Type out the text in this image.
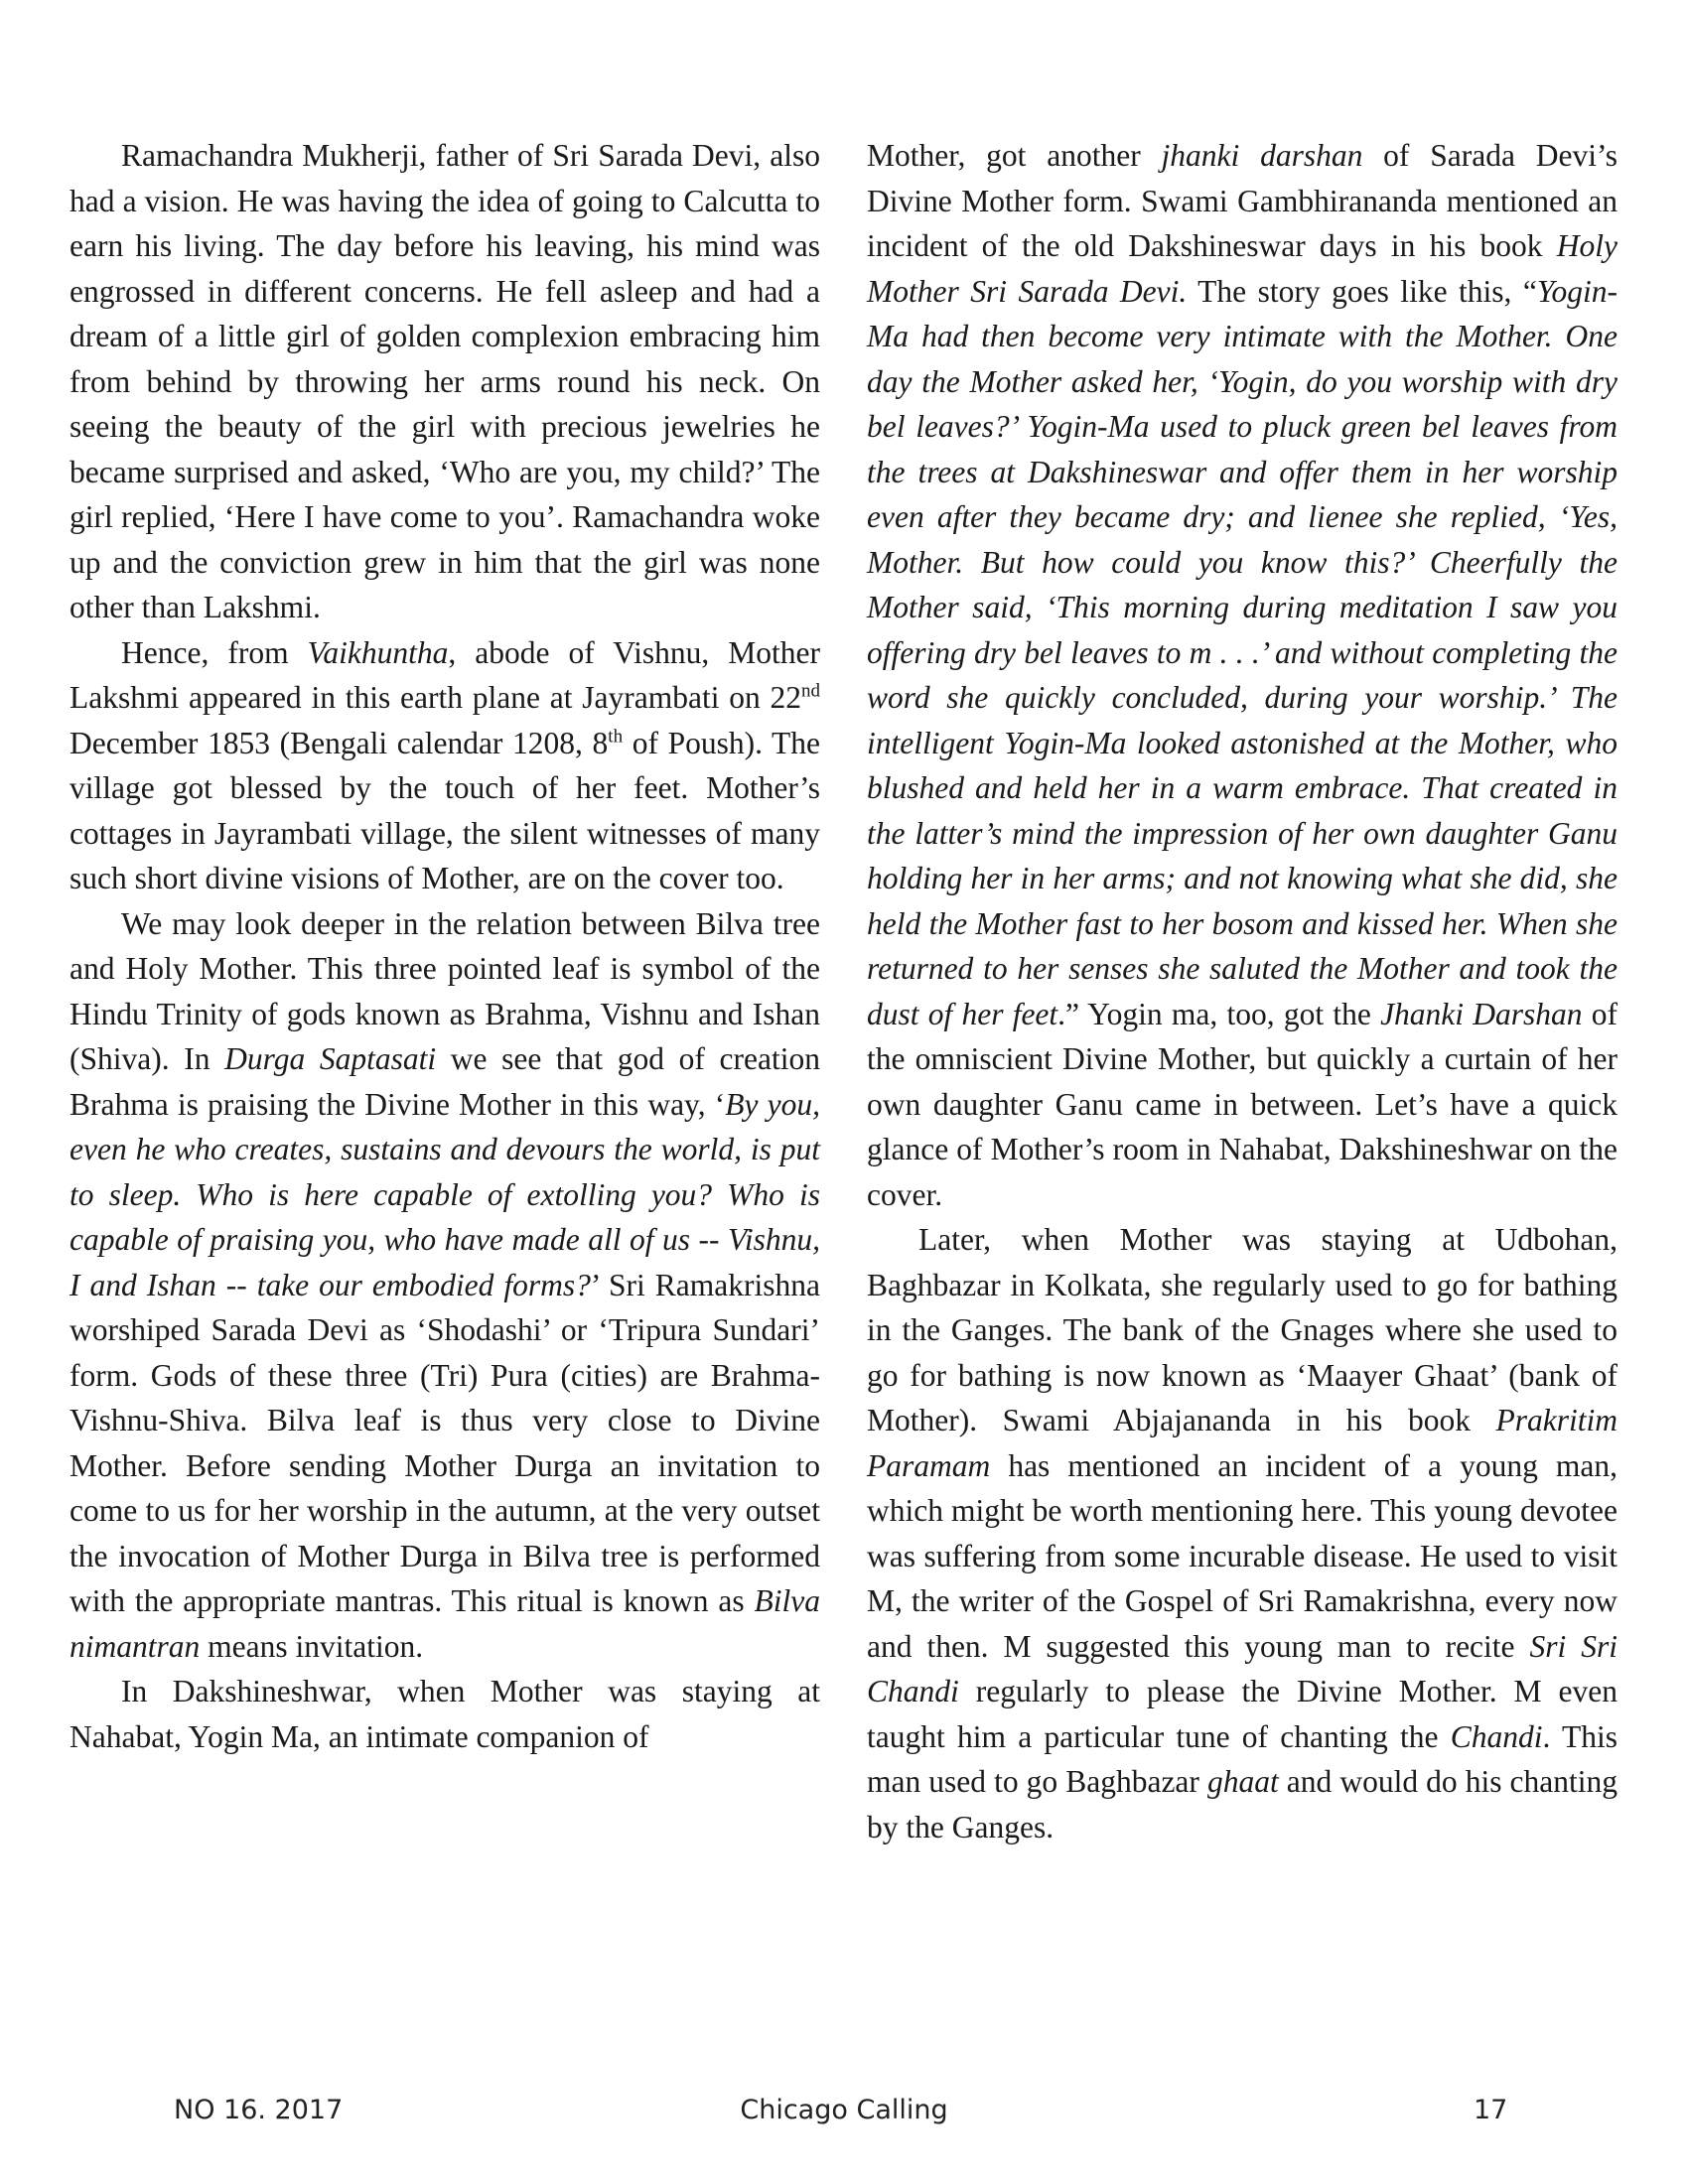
Ramachandra Mukherji, father of Sri Sarada Devi, also had a vision. He was having the idea of going to Calcutta to earn his living. The day before his leaving, his mind was engrossed in different concerns. He fell asleep and had a dream of a little girl of golden complexion embracing him from behind by throwing her arms round his neck. On seeing the beauty of the girl with precious jewelries he became surprised and asked, ‘Who are you, my child?’ The girl replied, ‘Here I have come to you’. Ramachandra woke up and the conviction grew in him that the girl was none other than Lakshmi.

Hence, from Vaikhuntha, abode of Vishnu, Mother Lakshmi appeared in this earth plane at Jayrambati on 22nd December 1853 (Bengali calendar 1208, 8th of Poush). The village got blessed by the touch of her feet. Mother’s cottages in Jayrambati village, the silent witnesses of many such short divine visions of Mother, are on the cover too.

We may look deeper in the relation between Bilva tree and Holy Mother. This three pointed leaf is symbol of the Hindu Trinity of gods known as Brahma, Vishnu and Ishan (Shiva). In Durga Saptasati we see that god of creation Brahma is praising the Divine Mother in this way, ‘By you, even he who creates, sustains and devours the world, is put to sleep. Who is here capable of extolling you? Who is capable of praising you, who have made all of us -- Vishnu, I and Ishan -- take our embodied forms?’ Sri Ramakrishna worshiped Sarada Devi as ‘Shodashi’ or ‘Tripura Sundari’ form. Gods of these three (Tri) Pura (cities) are Brahma-Vishnu-Shiva. Bilva leaf is thus very close to Divine Mother. Before sending Mother Durga an invitation to come to us for her worship in the autumn, at the very outset the invocation of Mother Durga in Bilva tree is performed with the appropriate mantras. This ritual is known as Bilva nimantran means invitation.

In Dakshineshwar, when Mother was staying at Nahabat, Yogin Ma, an intimate companion of

Mother, got another jhanki darshan of Sarada Devi’s Divine Mother form. Swami Gambhirananda mentioned an incident of the old Dakshineswar days in his book Holy Mother Sri Sarada Devi. The story goes like this, “Yogin-Ma had then become very intimate with the Mother. One day the Mother asked her, ‘Yogin, do you worship with dry bel leaves?’ Yogin-Ma used to pluck green bel leaves from the trees at Dakshineswar and offer them in her worship even after they became dry; and lienee she replied, ‘Yes, Mother. But how could you know this?’ Cheerfully the Mother said, ‘This morning during meditation I saw you offering dry bel leaves to m . . .’ and without completing the word she quickly concluded, during your worship.’ The intelligent Yogin-Ma looked astonished at the Mother, who blushed and held her in a warm embrace. That created in the latter’s mind the impression of her own daughter Ganu holding her in her arms; and not knowing what she did, she held the Mother fast to her bosom and kissed her. When she returned to her senses she saluted the Mother and took the dust of her feet.” Yogin ma, too, got the Jhanki Darshan of the omniscient Divine Mother, but quickly a curtain of her own daughter Ganu came in between. Let’s have a quick glance of Mother’s room in Nahabat, Dakshineshwar on the cover.

Later, when Mother was staying at Udbohan, Baghbazar in Kolkata, she regularly used to go for bathing in the Ganges. The bank of the Gnages where she used to go for bathing is now known as ‘Maayer Ghaat’ (bank of Mother). Swami Abjajananda in his book Prakritim Paramam has mentioned an incident of a young man, which might be worth mentioning here. This young devotee was suffering from some incurable disease. He used to visit M, the writer of the Gospel of Sri Ramakrishna, every now and then. M suggested this young man to recite Sri Sri Chandi regularly to please the Divine Mother. M even taught him a particular tune of chanting the Chandi. This man used to go Baghbazar ghaat and would do his chanting by the Ganges.

NO 16. 2017	Chicago Calling	17
